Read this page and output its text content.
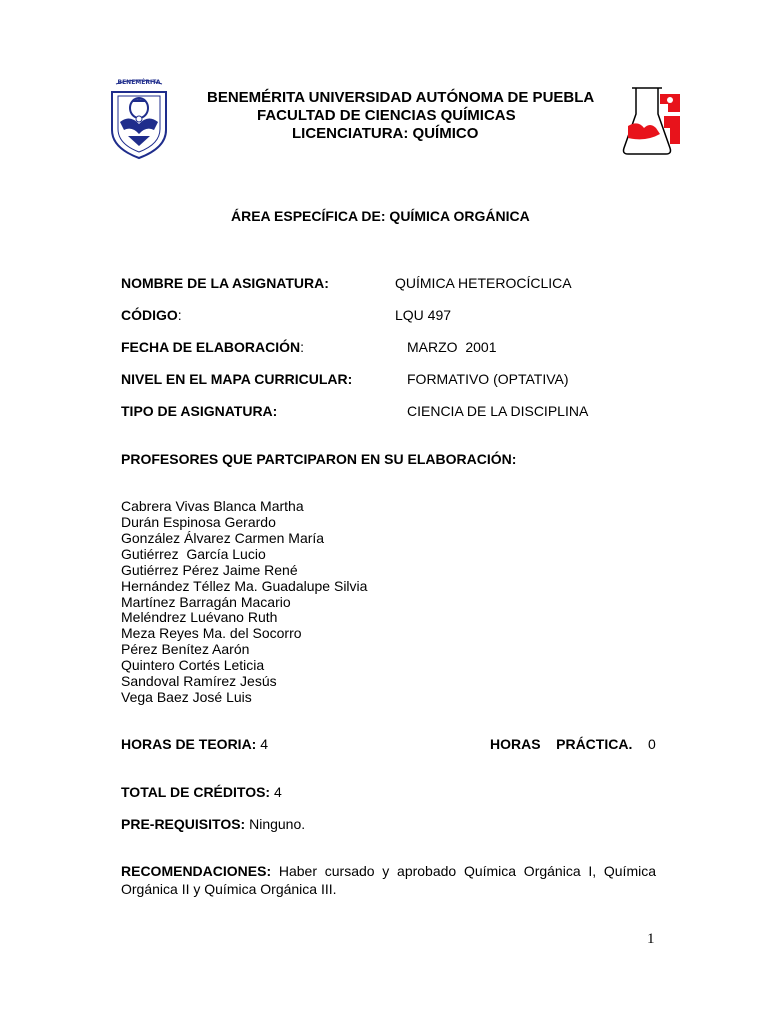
BENEMÉRITA
BENEMÉRITA UNIVERSIDAD AUTÓNOMA DE PUEBLA
FACULTAD DE CIENCIAS QUÍMICAS
LICENCIATURA: QUÍMICO
ÁREA ESPECÍFICA DE: QUÍMICA ORGÁNICA
NOMBRE DE LA ASIGNATURA:	QUÍMICA HETEROCÍCLICA
CÓDIGO:	LQU 497
FECHA DE ELABORACIÓN:	MARZO  2001
NIVEL EN EL MAPA CURRICULAR:	FORMATIVO (OPTATIVA)
TIPO DE ASIGNATURA:	CIENCIA DE LA DISCIPLINA
PROFESORES QUE PARTCIPARON EN SU ELABORACIÓN:
Cabrera Vivas Blanca Martha
Durán Espinosa Gerardo
González Álvarez Carmen María
Gutiérrez  García Lucio
Gutiérrez Pérez Jaime René
Hernández Téllez Ma. Guadalupe Silvia
Martínez Barragán Macario
Meléndrez Luévano Ruth
Meza Reyes Ma. del Socorro
Pérez Benítez Aarón
Quintero Cortés Leticia
Sandoval Ramírez Jesús
Vega Baez José Luis
HORAS DE TEORIA: 4	HORAS    PRÁCTICA. 0
TOTAL DE CRÉDITOS: 4
PRE-REQUISITOS: Ninguno.
RECOMENDACIONES: Haber cursado y aprobado Química Orgánica I, Química Orgánica II y Química Orgánica III.
1
